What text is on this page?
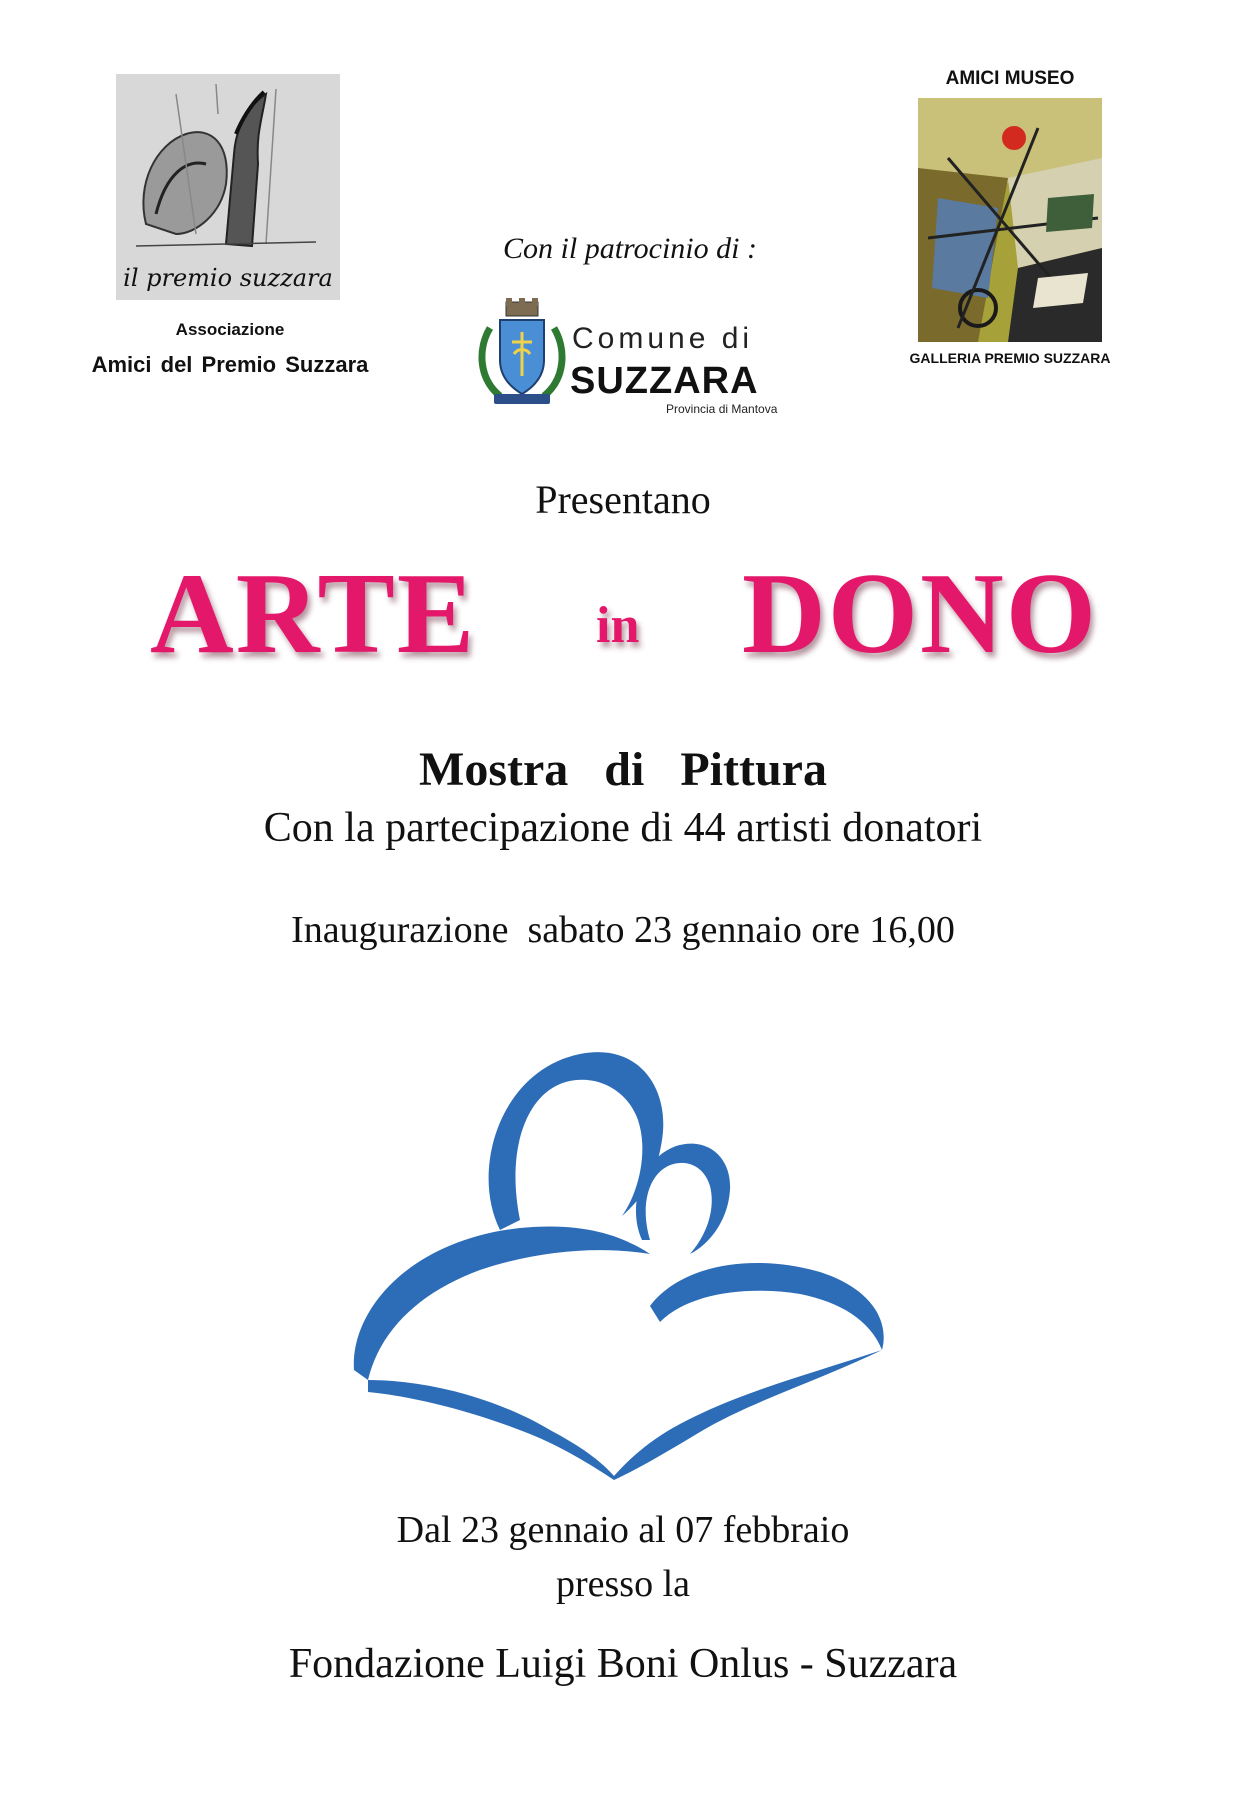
il premio suzzara
Associazione
Amici del Premio Suzzara
Con il patrocinio di :
Comune di
SUZZARA
Provincia di Mantova
AMICI MUSEO
GALLERIA PREMIO SUZZARA
Presentano
ARTE in DONO
Mostra  di  Pittura
Con la partecipazione di 44 artisti donatori
Inaugurazione  sabato 23 gennaio ore 16,00
Dal 23 gennaio al 07 febbraio
presso la
Fondazione Luigi Boni Onlus - Suzzara
